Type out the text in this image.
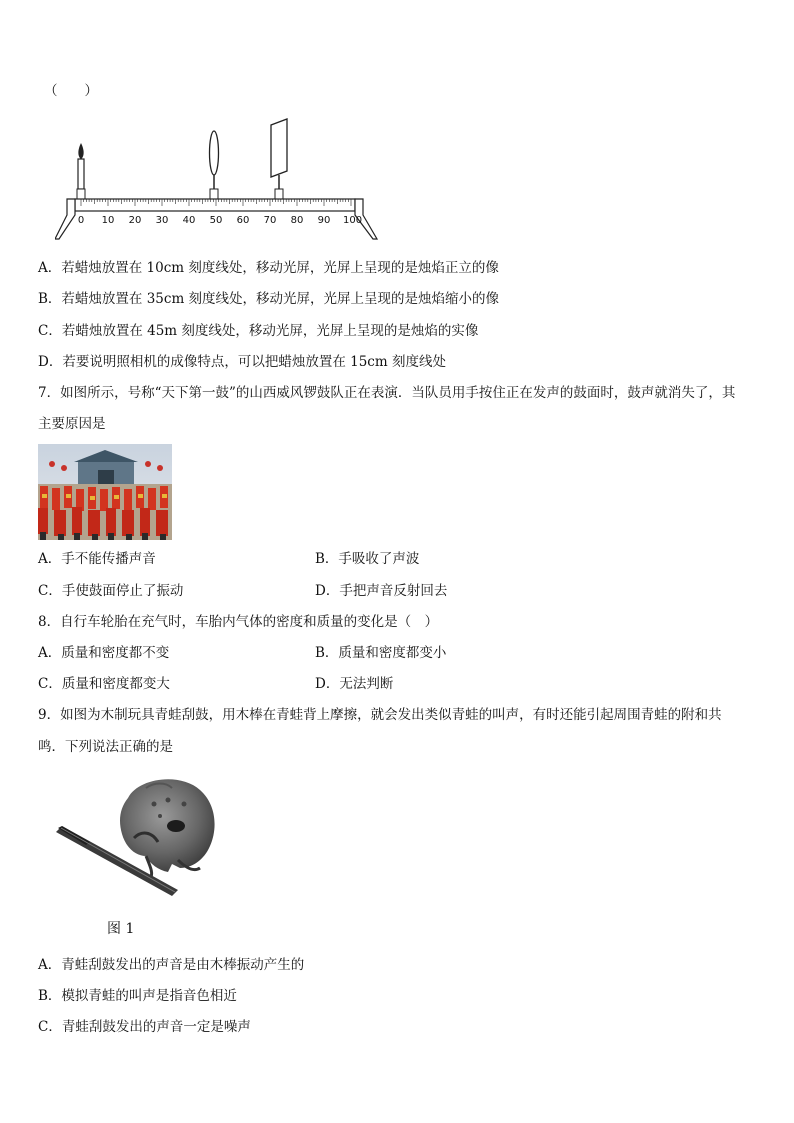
（　　）
0	10 20 30 40 50 60 70 80 90 100
A．若蜡烛放置在 10cm 刻度线处，移动光屏，光屏上呈现的是烛焰正立的像
B．若蜡烛放置在 35cm 刻度线处，移动光屏，光屏上呈现的是烛焰缩小的像
C．若蜡烛放置在 45m 刻度线处，移动光屏，光屏上呈现的是烛焰的实像
D．若要说明照相机的成像特点，可以把蜡烛放置在 15cm 刻度线处
7．如图所示，号称“天下第一鼓”的山西威风锣鼓队正在表演．当队员用手按住正在发声的鼓面时，鼓声就消失了，其
主要原因是
A．手不能传播声音	B．手吸收了声波
C．手使鼓面停止了振动	D．手把声音反射回去
8．自行车轮胎在充气时，车胎内气体的密度和质量的变化是（　）
A．质量和密度都不变	B．质量和密度都变小
C．质量和密度都变大	D．无法判断
9．如图为木制玩具青蛙刮鼓，用木棒在青蛙背上摩擦，就会发出类似青蛙的叫声，有时还能引起周围青蛙的附和共
鸣．下列说法正确的是
图 1
A．青蛙刮鼓发出的声音是由木棒振动产生的
B．模拟青蛙的叫声是指音色相近
C．青蛙刮鼓发出的声音一定是噪声
